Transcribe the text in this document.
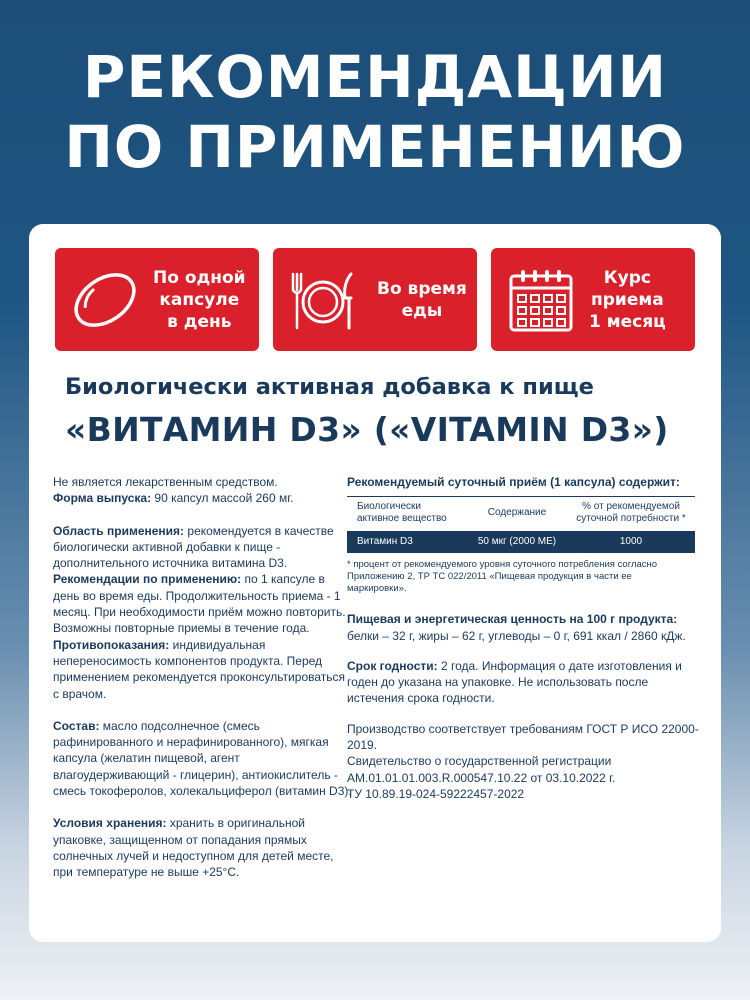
РЕКОМЕНДАЦИИ
ПО ПРИМЕНЕНИЮ
По одной
капсуле
в день
Во время
еды
Курс
приема
1 месяц
Биологически активная добавка к пище
«ВИТАМИН D3» («VITAMIN D3»)

Не является лекарственным средством.

Форма выпуска: 90 капсул массой 260 мг.

Область применения: рекомендуется в качестве биологически активной добавки к пище - дополнительного источника витамина D3.

Рекомендации по применению: по 1 капсуле в день во время еды. Продолжительность приема - 1 месяц. При необходимости приём можно повторить. Возможны повторные приемы в течение года.

Противопоказания: индивидуальная непереносимость компонентов продукта. Перед применением рекомендуется проконсультироваться с врачом.

Состав: масло подсолнечное (смесь рафинированного и нерафинированного), мягкая капсула (желатин пищевой, агент влагоудерживающий - глицерин), антиокислитель - смесь токоферолов, холекальциферол (витамин D3).

Условия хранения: хранить в оригинальной упаковке, защищенном от попадания прямых солнечных лучей и недоступном для детей месте, при температуре не выше +25°C.

Рекомендуемый суточный приём (1 капсула) содержит:
Биологически активное вещество	Содержание	% от рекомендуемой суточной потребности *
Витамин D3	50 мкг (2000 МЕ)	1000
* процент от рекомендуемого уровня суточного потребления согласно Приложению 2, ТР ТС 022/2011 «Пищевая продукция в части ее маркировки».
Пищевая и энергетическая ценность на 100 г продукта:
белки – 32 г, жиры – 62 г, углеводы – 0 г, 691 ккал / 2860 кДж.
Срок годности: 2 года. Информация о дате изготовления и годен до указана на упаковке. Не использовать после истечения срока годности.
Производство соответствует требованиям ГОСТ Р ИСО 22000-2019.
Свидетельство о государственной регистрации АМ.01.01.01.003.R.000547.10.22 от 03.10.2022 г.
ТУ 10.89.19-024-59222457-2022
